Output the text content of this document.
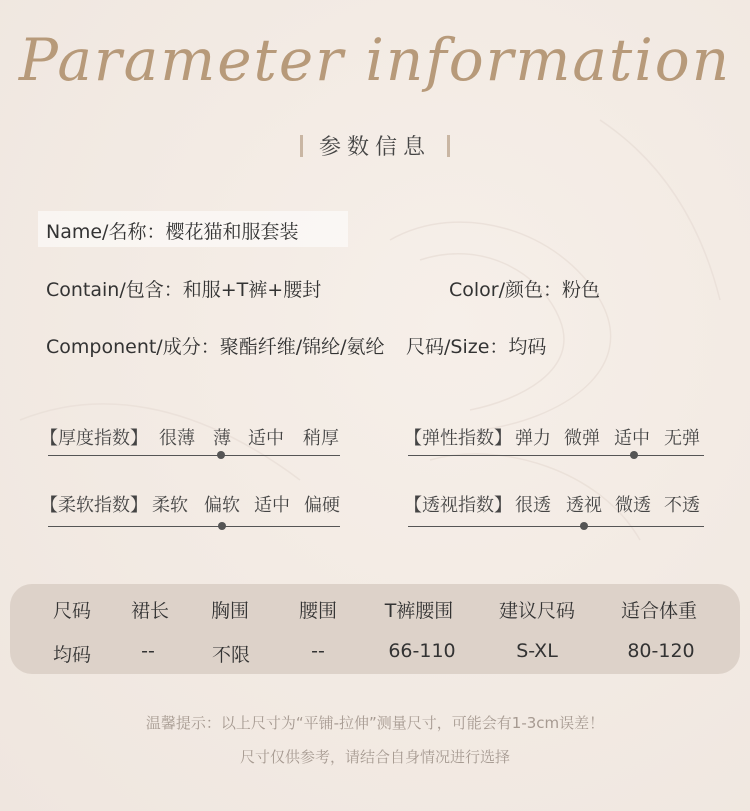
Parameter information
参数信息
Name/名称：樱花猫和服套装
Contain/包含：和服+T裤+腰封	Color/颜色：粉色
Component/成分：聚酯纤维/锦纶/氨纶 尺码/Size：均码
【厚度指数】 很薄 薄 适中 稍厚	【弹性指数】 弹力 微弹 适中 无弹
【柔软指数】 柔软 偏软 适中 偏硬	【透视指数】 很透 透视 微透 不透
尺码	裙长	胸围	腰围	T裤腰围	建议尺码	适合体重
均码	--	不限	--	66-110	S-XL	80-120
温馨提示：以上尺寸为“平铺-拉伸”测量尺寸，可能会有1-3cm误差！
尺寸仅供参考，请结合自身情况进行选择
